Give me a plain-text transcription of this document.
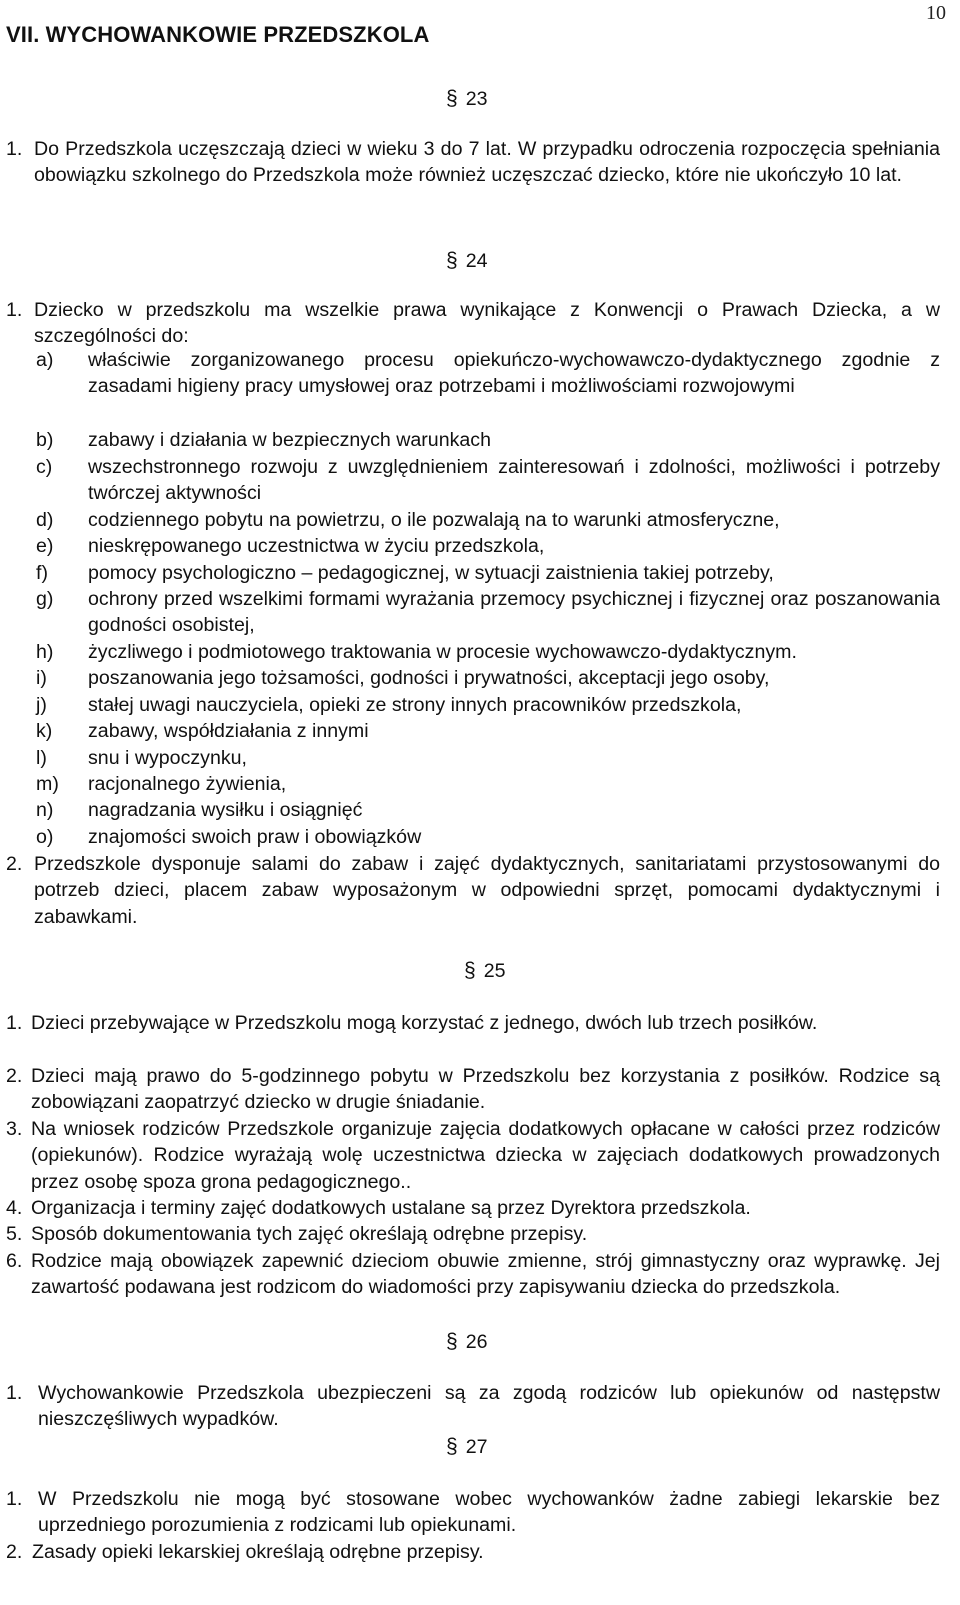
10
VII. WYCHOWANKOWIE PRZEDSZKOLA
§ 23
1. Do Przedszkola uczęszczają dzieci w wieku 3 do 7 lat. W przypadku odroczenia rozpoczęcia spełniania obowiązku szkolnego do Przedszkola może również uczęszczać dziecko, które nie ukończyło 10 lat.
§ 24
1. Dziecko w przedszkolu ma wszelkie prawa wynikające z Konwencji o Prawach Dziecka, a w szczególności do:
a)	właściwie zorganizowanego procesu opiekuńczo-wychowawczo-dydaktycznego zgodnie z zasadami higieny pracy umysłowej oraz potrzebami i możliwościami rozwojowymi
b)	zabawy i działania w bezpiecznych warunkach
c)	wszechstronnego rozwoju z uwzględnieniem zainteresowań i zdolności, możliwości i potrzeby twórczej aktywności
d)	codziennego pobytu na powietrzu, o ile pozwalają na to warunki atmosferyczne,
e)	nieskrępowanego uczestnictwa w życiu przedszkola,
f)	pomocy psychologiczno – pedagogicznej, w sytuacji zaistnienia takiej potrzeby,
g)	ochrony przed wszelkimi formami wyrażania przemocy psychicznej i fizycznej oraz poszanowania godności osobistej,
h)	życzliwego i podmiotowego traktowania w procesie wychowawczo-dydaktycznym.
i)	poszanowania jego tożsamości, godności i prywatności, akceptacji jego osoby,
j)	stałej uwagi nauczyciela, opieki ze strony innych pracowników przedszkola,
k)	zabawy, współdziałania z innymi
l)	snu i wypoczynku,
m)	racjonalnego żywienia,
n)	nagradzania wysiłku i osiągnięć
o)	znajomości swoich praw i obowiązków
2. Przedszkole dysponuje salami do zabaw i zajęć dydaktycznych, sanitariatami przystosowanymi do potrzeb dzieci, placem zabaw wyposażonym w odpowiedni sprzęt, pomocami dydaktycznymi i zabawkami.
§ 25
1. Dzieci przebywające w Przedszkolu mogą korzystać z jednego, dwóch lub trzech posiłków.
2. Dzieci mają prawo do 5-godzinnego pobytu w Przedszkolu bez korzystania z posiłków. Rodzice są zobowiązani zaopatrzyć dziecko w drugie śniadanie.
3. Na wniosek rodziców Przedszkole organizuje zajęcia dodatkowych opłacane w całości przez rodziców (opiekunów). Rodzice wyrażają wolę uczestnictwa dziecka w zajęciach dodatkowych prowadzonych przez osobę spoza grona pedagogicznego..
4. Organizacja i terminy zajęć dodatkowych ustalane są przez Dyrektora przedszkola.
5. Sposób dokumentowania tych zajęć określają odrębne przepisy.
6. Rodzice mają obowiązek zapewnić dzieciom obuwie zmienne, strój gimnastyczny oraz wyprawkę. Jej zawartość podawana jest rodzicom do wiadomości przy zapisywaniu dziecka do przedszkola.
§ 26
1. Wychowankowie Przedszkola ubezpieczeni są za zgodą rodziców lub opiekunów od następstw nieszczęśliwych wypadków.
§ 27
1. W Przedszkolu nie mogą być stosowane wobec wychowanków żadne zabiegi lekarskie bez uprzedniego porozumienia z rodzicami lub opiekunami.
2. Zasady opieki lekarskiej określają odrębne przepisy.
